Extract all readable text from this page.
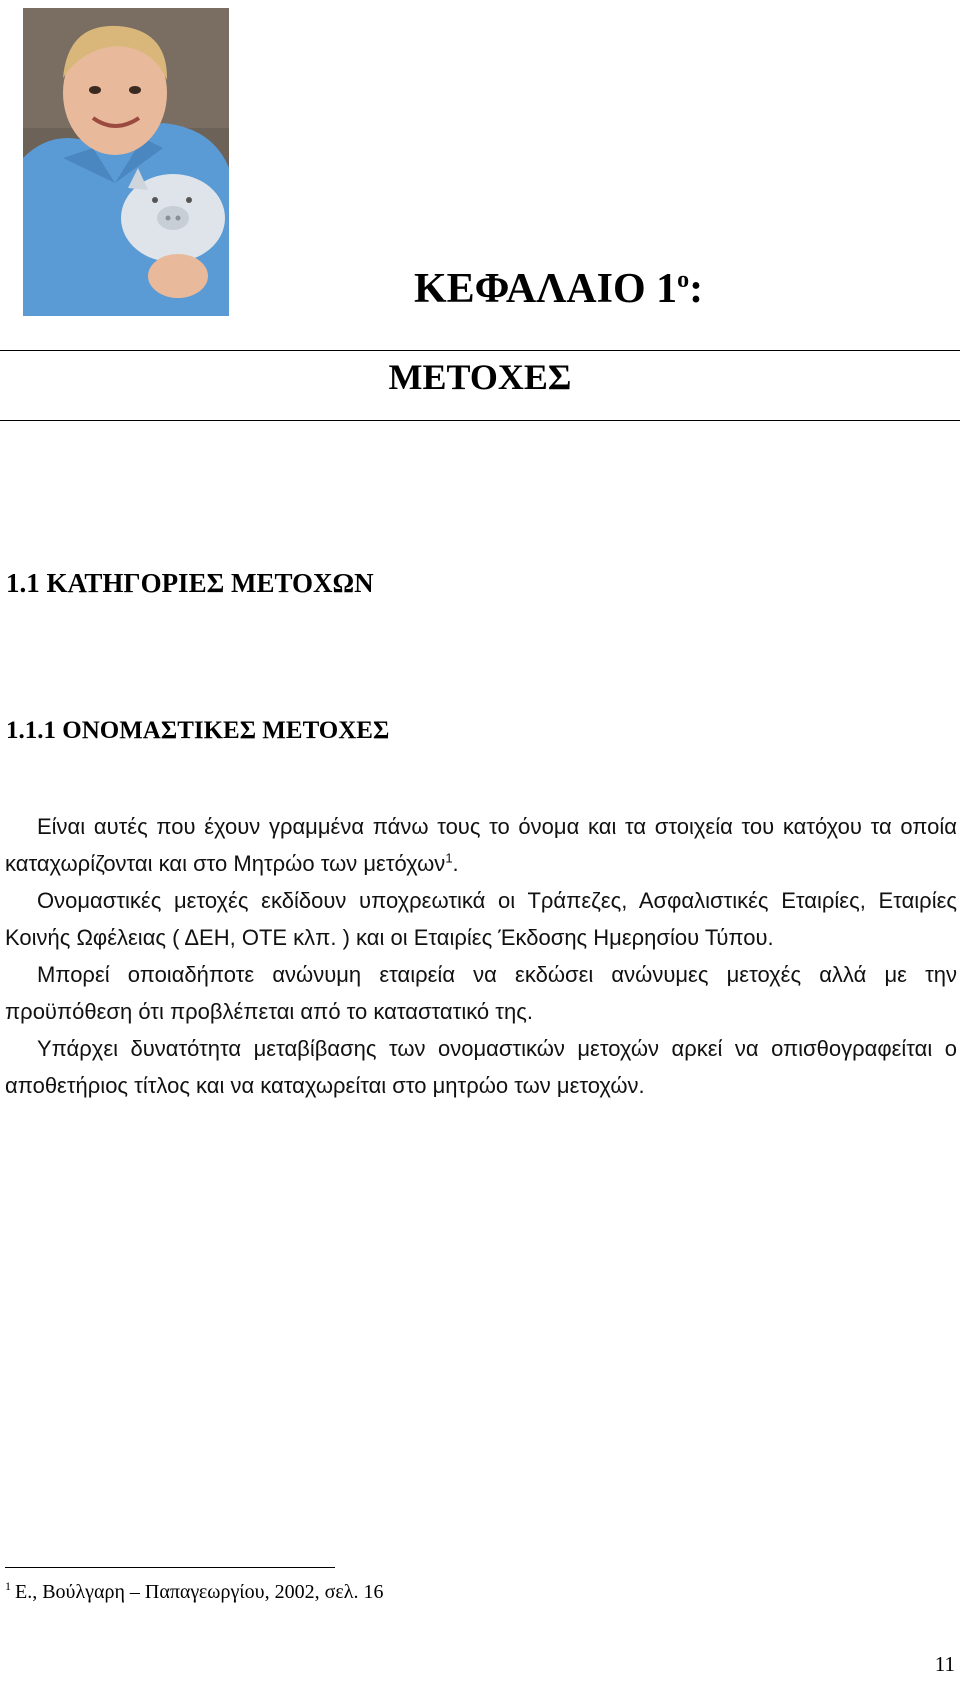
ΚΕΦΑΛΑΙΟ $1^o$:
ΜΕΤΟΧΕΣ
1.1 ΚΑΤΗΓΟΡΙΕΣ ΜΕΤΟΧΩΝ
1.1.1 ΟΝΟΜΑΣΤΙΚΕΣ ΜΕΤΟΧΕΣ

Είναι αυτές που έχουν γραμμένα πάνω τους το όνομα και τα στοιχεία του κατόχου τα οποία καταχωρίζονται και στο Μητρώο των μετόχων$^1$.

Ονομαστικές μετοχές εκδίδουν υποχρεωτικά οι Τράπεζες, Ασφαλιστικές Εταιρίες, Εταιρίες Κοινής Ωφέλειας ( ΔΕΗ, ΟΤΕ κλπ. ) και οι Εταιρίες Έκδοσης Ημερησίου Τύπου.

Μπορεί οποιαδήποτε ανώνυμη εταιρεία να εκδώσει ανώνυμες μετοχές αλλά με την προϋπόθεση ότι προβλέπεται από το καταστατικό της.

Υπάρχει δυνατότητα μεταβίβασης των ονομαστικών μετοχών αρκεί να οπισθογραφείται ο αποθετήριος τίτλος και να καταχωρείται στο μητρώο των μετοχών.

$^1$ Ε., Βούλγαρη – Παπαγεωργίου, 2002, σελ. 16
11
